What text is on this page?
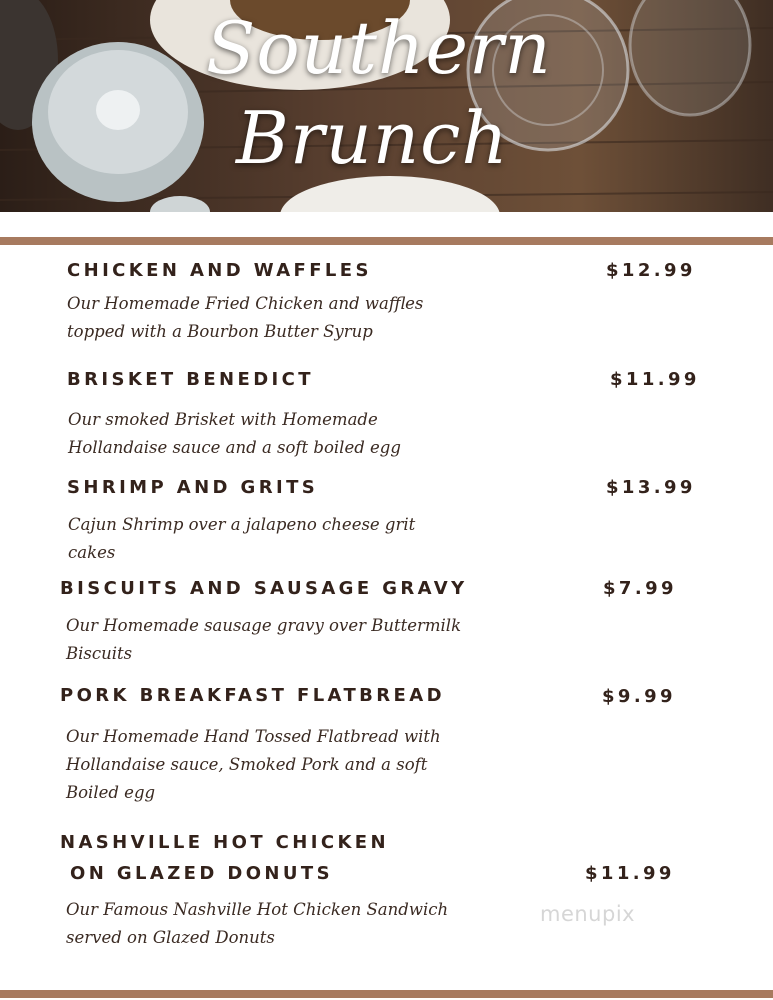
Southern
Brunch
CHICKEN AND WAFFLES	$12.99
Our Homemade Fried Chicken and waffles
topped with a Bourbon Butter Syrup
BRISKET BENEDICT	$11.99
Our smoked Brisket with Homemade
Hollandaise sauce and a soft boiled egg
SHRIMP AND GRITS	$13.99
Cajun Shrimp over a jalapeno cheese grit
cakes
BISCUITS AND SAUSAGE GRAVY	$7.99
Our Homemade sausage gravy over Buttermilk
Biscuits
PORK BREAKFAST FLATBREAD	$9.99
Our Homemade Hand Tossed Flatbread with
Hollandaise sauce, Smoked Pork and a soft
Boiled egg
NASHVILLE HOT CHICKEN
ON GLAZED DONUTS	$11.99
Our Famous Nashville Hot Chicken Sandwich
served on Glazed Donuts
menupix
